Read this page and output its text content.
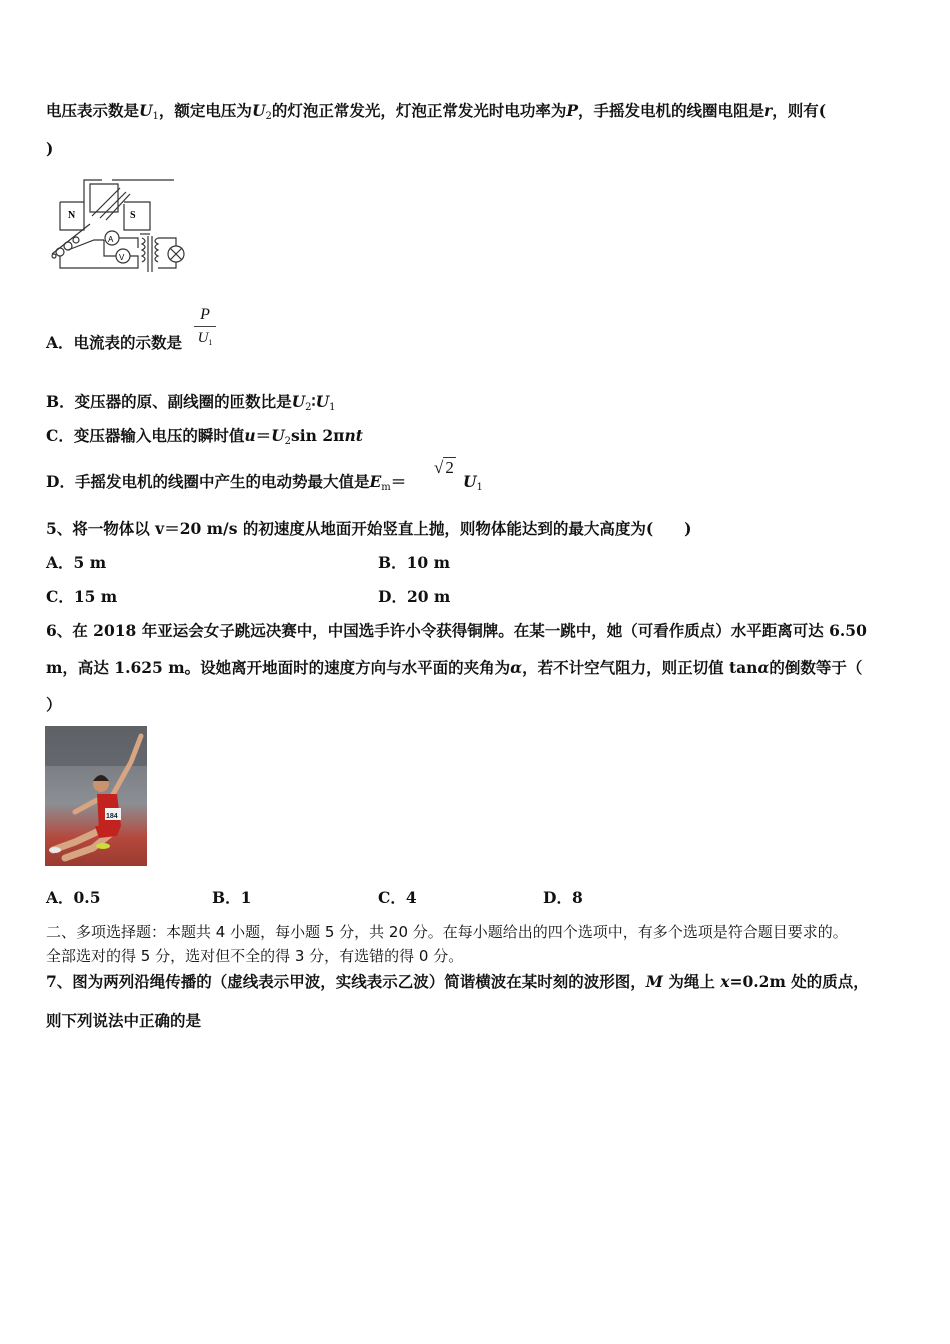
电压表示数是$U_1$，额定电压为$U_2$的灯泡正常发光，灯泡正常发光时电功率为P，手摇发电机的线圈电阻是r，则有(
)
N	S
A
V
A．电流表的示数是
P
$U_1$
B．变压器的原、副线圈的匝数比是$U_2∶U_1$
C．变压器输入电压的瞬时值$u=U_2\sin$ 2πnt
D．手摇发电机的线圈中产生的电动势最大值是$E_m=$
√ 2
$U_1$
5、将一物体以 v＝20 m/s 的初速度从地面开始竖直上抛，则物体能达到的最大高度为(　　)
A．5 m	B．10 m
C．15 m	D．20 m
6、在 2018 年亚运会女子跳远决赛中，中国选手许小令获得铜牌。在某一跳中，她（可看作质点）水平距离可达 6.50
m，高达 1.625 m。设她离开地面时的速度方向与水平面的夹角为α，若不计空气阻力，则正切值 tanα的倒数等于（
）
184
A．0.5	B．1	C．4	D．8
二、多项选择题：本题共 4 小题，每小题 5 分，共 20 分。在每小题给出的四个选项中，有多个选项是符合题目要求的。
全部选对的得 5 分，选对但不全的得 3 分，有选错的得 0 分。
7、图为两列沿绳传播的（虚线表示甲波，实线表示乙波）简谐横波在某时刻的波形图，M 为绳上 x=0.2m 处的质点，
则下列说法中正确的是
